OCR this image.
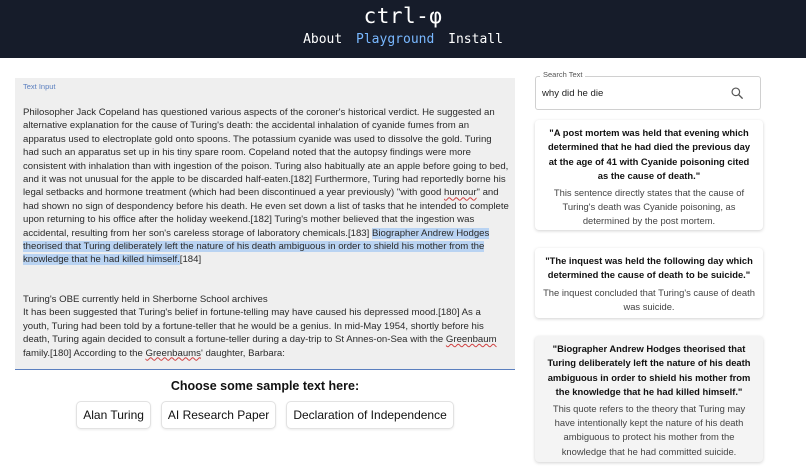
ctrl-φ
About Playground Install
Text Input

Philosopher Jack Copeland has questioned various aspects of the coroner's historical verdict. He suggested an alternative explanation for the cause of Turing's death: the accidental inhalation of cyanide fumes from an apparatus used to electroplate gold onto spoons. The potassium cyanide was used to dissolve the gold. Turing had such an apparatus set up in his tiny spare room. Copeland noted that the autopsy findings were more consistent with inhalation than with ingestion of the poison. Turing also habitually ate an apple before going to bed, and it was not unusual for the apple to be discarded half-eaten.[182] Furthermore, Turing had reportedly borne his legal setbacks and hormone treatment (which had been discontinued a year previously) "with good humour" and had shown no sign of despondency before his death. He even set down a list of tasks that he intended to complete upon returning to his office after the holiday weekend.[182] Turing's mother believed that the ingestion was accidental, resulting from her son's careless storage of laboratory chemicals.[183] Biographer Andrew Hodges theorised that Turing deliberately left the nature of his death ambiguous in order to shield his mother from the knowledge that he had killed himself.[184]

Turing's OBE currently held in Sherborne School archives

It has been suggested that Turing's belief in fortune-telling may have caused his depressed mood.[180] As a youth, Turing had been told by a fortune-teller that he would be a genius. In mid-May 1954, shortly before his death, Turing again decided to consult a fortune-teller during a day-trip to St Annes-on-Sea with the Greenbaum family.[180] According to the Greenbaums' daughter, Barbara:

Choose some sample text here:
Alan Turing	AI Research Paper	Declaration of Independence
Search Text
why did he die
"A post mortem was held that evening which determined that he had died the previous day at the age of 41 with Cyanide poisoning cited as the cause of death."
This sentence directly states that the cause of Turing's death was Cyanide poisoning, as determined by the post mortem.
"The inquest was held the following day which determined the cause of death to be suicide."
The inquest concluded that Turing's cause of death was suicide.
"Biographer Andrew Hodges theorised that Turing deliberately left the nature of his death ambiguous in order to shield his mother from the knowledge that he had killed himself."
This quote refers to the theory that Turing may have intentionally kept the nature of his death ambiguous to protect his mother from the knowledge that he had committed suicide.
